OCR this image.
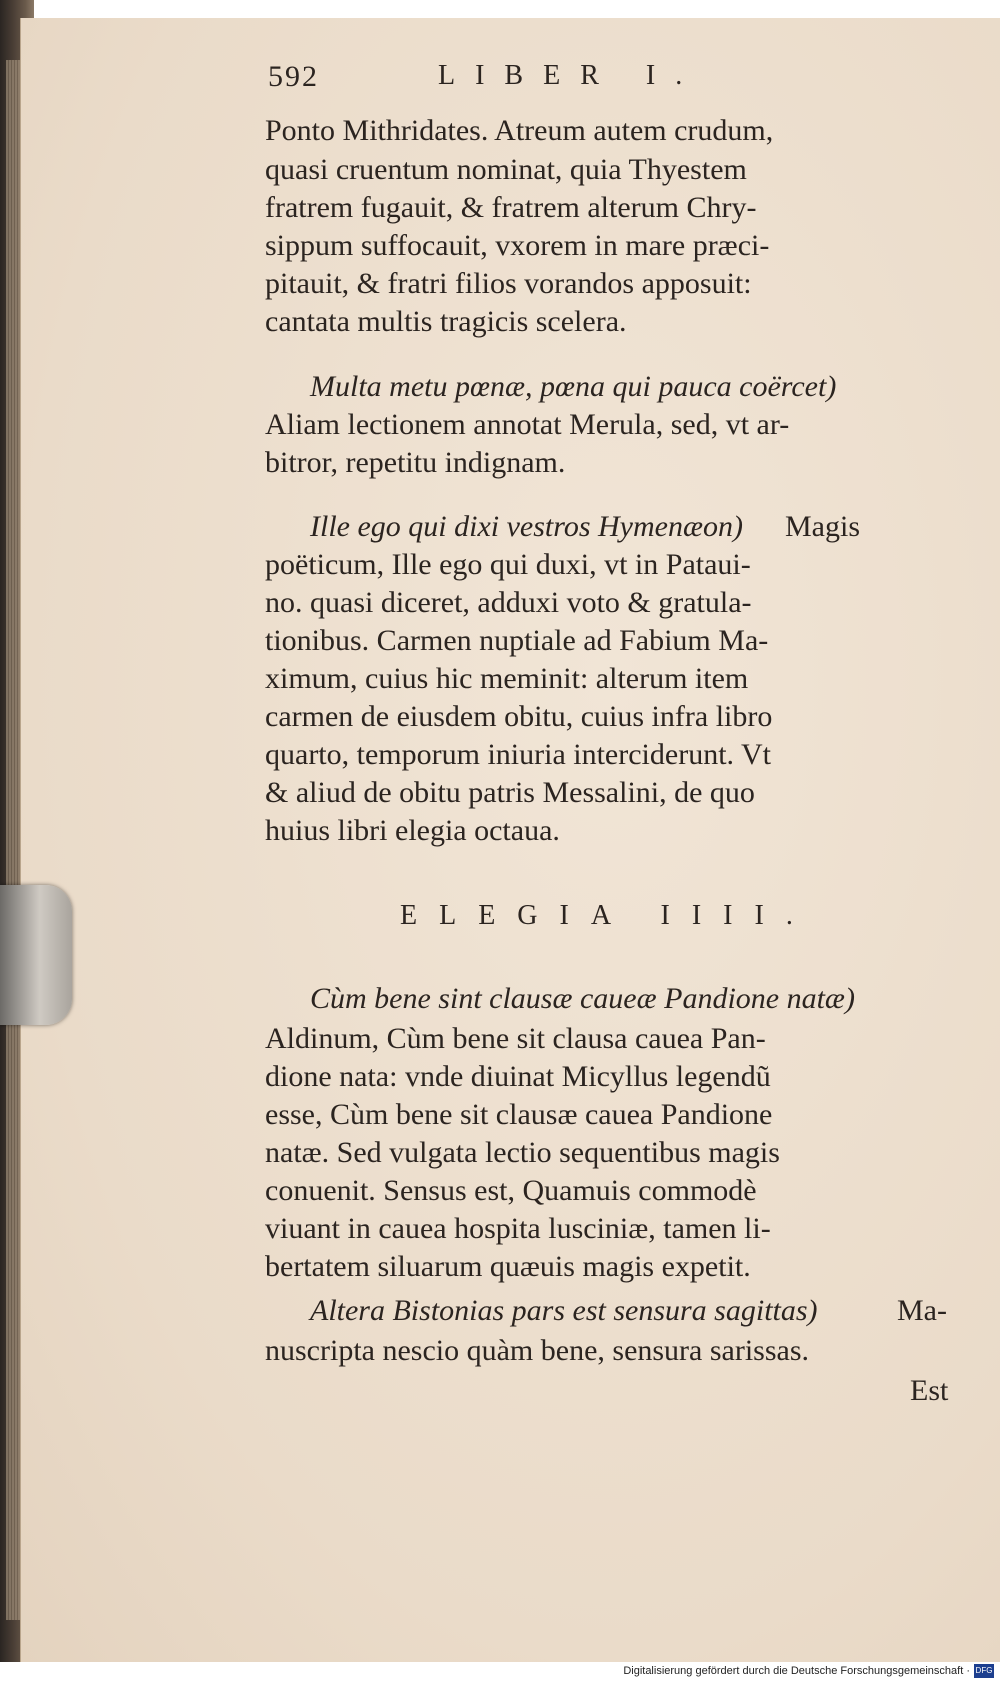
592	LIBER I.
Ponto Mithridates. Atreum autem crudum,
quasi cruentum nominat, quia Thyestem
fratrem fugauit, & fratrem alterum Chry-
sippum suffocauit, vxorem in mare præci-
pitauit, & fratri filios vorandos apposuit:
cantata multis tragicis scelera.
Multa metu pœnæ, pœna qui pauca coërcet)
Aliam lectionem annotat Merula, sed, vt ar-
bitror, repetitu indignam.
Ille ego qui dixi vestros Hymenæon) Magis
poëticum, Ille ego qui duxi, vt in Pataui-
no. quasi diceret, adduxi voto & gratula-
tionibus. Carmen nuptiale ad Fabium Ma-
ximum, cuius hic meminit: alterum item
carmen de eiusdem obitu, cuius infra libro
quarto, temporum iniuria interciderunt. Vt
& aliud de obitu patris Messalini, de quo
huius libri elegia octaua.
Cùm bene sint clausæ caueæ Pandione natæ)
Aldinum, Cùm bene sit clausa cauea Pan-
dione nata: vnde diuinat Micyllus legendũ
esse, Cùm bene sit clausæ cauea Pandione
natæ. Sed vulgata lectio sequentibus magis
conuenit. Sensus est, Quamuis commodè
viuant in cauea hospita lusciniæ, tamen li-
bertatem siluarum quæuis magis expetit.
Altera Bistonias pars est sensura sagittas)	Ma-
nuscripta nescio quàm bene, sensura sarissas.
Est
ELEGIA IIII.
Digitalisierung gefördert durch die Deutsche Forschungsgemeinschaft · DFG
